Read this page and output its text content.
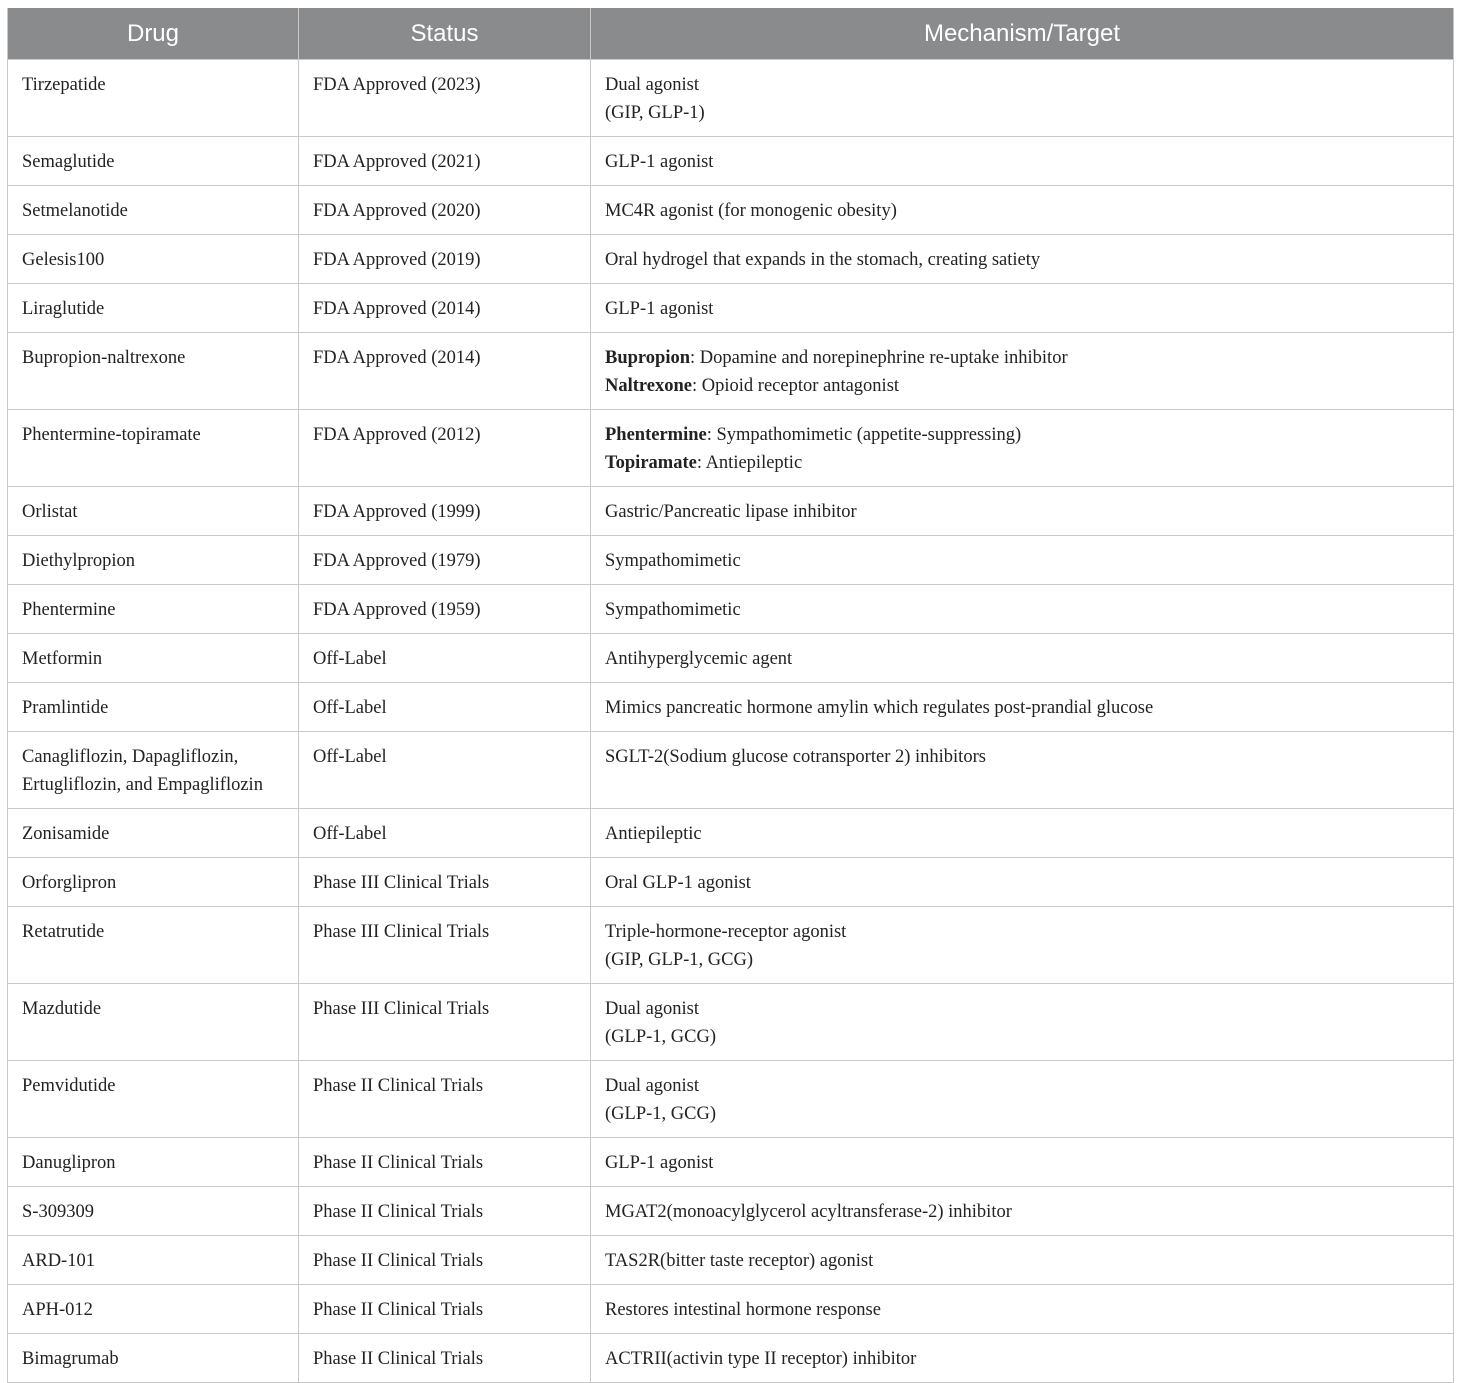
Drug	Status	Mechanism/Target

Tirzepatide	FDA Approved (2023)	Dual agonist
(GIP, GLP-1)

Semaglutide	FDA Approved (2021)	GLP-1 agonist

Setmelanotide	FDA Approved (2020)	MC4R agonist (for monogenic obesity)

Gelesis100	FDA Approved (2019)	Oral hydrogel that expands in the stomach, creating satiety

Liraglutide	FDA Approved (2014)	GLP-1 agonist

Bupropion-naltrexone	FDA Approved (2014)	Bupropion: Dopamine and norepinephrine re-uptake inhibitor
Naltrexone: Opioid receptor antagonist

Phentermine-topiramate	FDA Approved (2012)	Phentermine: Sympathomimetic (appetite-suppressing)
Topiramate: Antiepileptic

Orlistat	FDA Approved (1999)	Gastric/Pancreatic lipase inhibitor

Diethylpropion	FDA Approved (1979)	Sympathomimetic

Phentermine	FDA Approved (1959)	Sympathomimetic

Metformin	Off-Label	Antihyperglycemic agent

Pramlintide	Off-Label	Mimics pancreatic hormone amylin which regulates post-prandial glucose

Canagliflozin, Dapagliflozin,
Ertugliflozin, and Empagliflozin	Off-Label	SGLT-2(Sodium glucose cotransporter 2) inhibitors

Zonisamide	Off-Label	Antiepileptic

Orforglipron	Phase III Clinical Trials	Oral GLP-1 agonist

Retatrutide	Phase III Clinical Trials	Triple-hormone-receptor agonist
(GIP, GLP-1, GCG)

Mazdutide	Phase III Clinical Trials	Dual agonist
(GLP-1, GCG)

Pemvidutide	Phase II Clinical Trials	Dual agonist
(GLP-1, GCG)

Danuglipron	Phase II Clinical Trials	GLP-1 agonist

S-309309	Phase II Clinical Trials	MGAT2(monoacylglycerol acyltransferase-2) inhibitor

ARD-101	Phase II Clinical Trials	TAS2R(bitter taste receptor) agonist

APH-012	Phase II Clinical Trials	Restores intestinal hormone response

Bimagrumab	Phase II Clinical Trials	ACTRII(activin type II receptor) inhibitor
